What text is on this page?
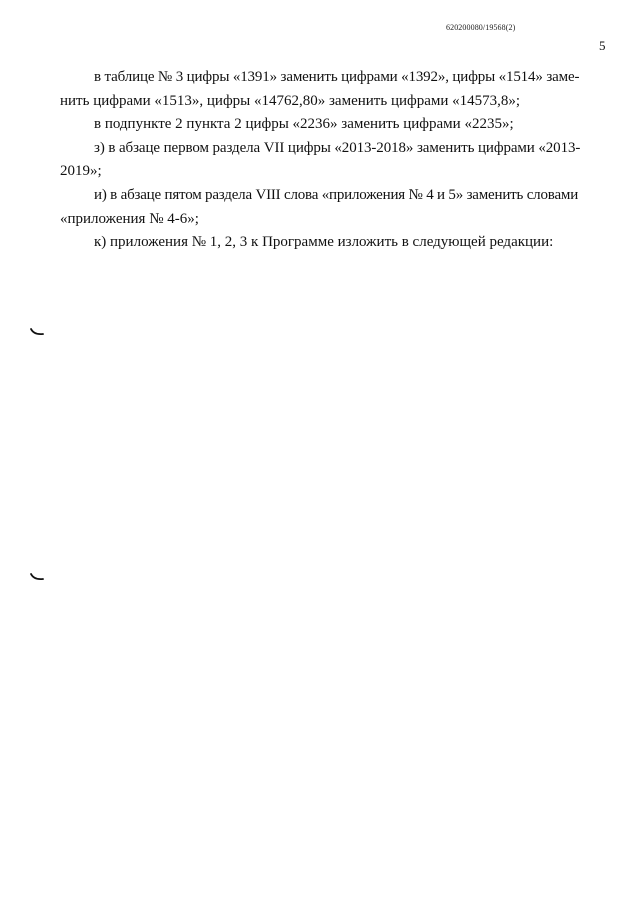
620200080/19568(2)
5
в таблице № 3 цифры «1391» заменить цифрами «1392», цифры «1514» заме-
нить цифрами «1513», цифры «14762,80» заменить цифрами «14573,8»;
в подпункте 2 пункта 2 цифры «2236» заменить цифрами «2235»;
з) в абзаце первом раздела VII цифры «2013-2018» заменить цифрами «2013-
2019»;
и) в абзаце пятом раздела VIII слова «приложения № 4 и 5» заменить словами
«приложения № 4-6»;
к) приложения № 1, 2, 3 к Программе изложить в следующей редакции:
